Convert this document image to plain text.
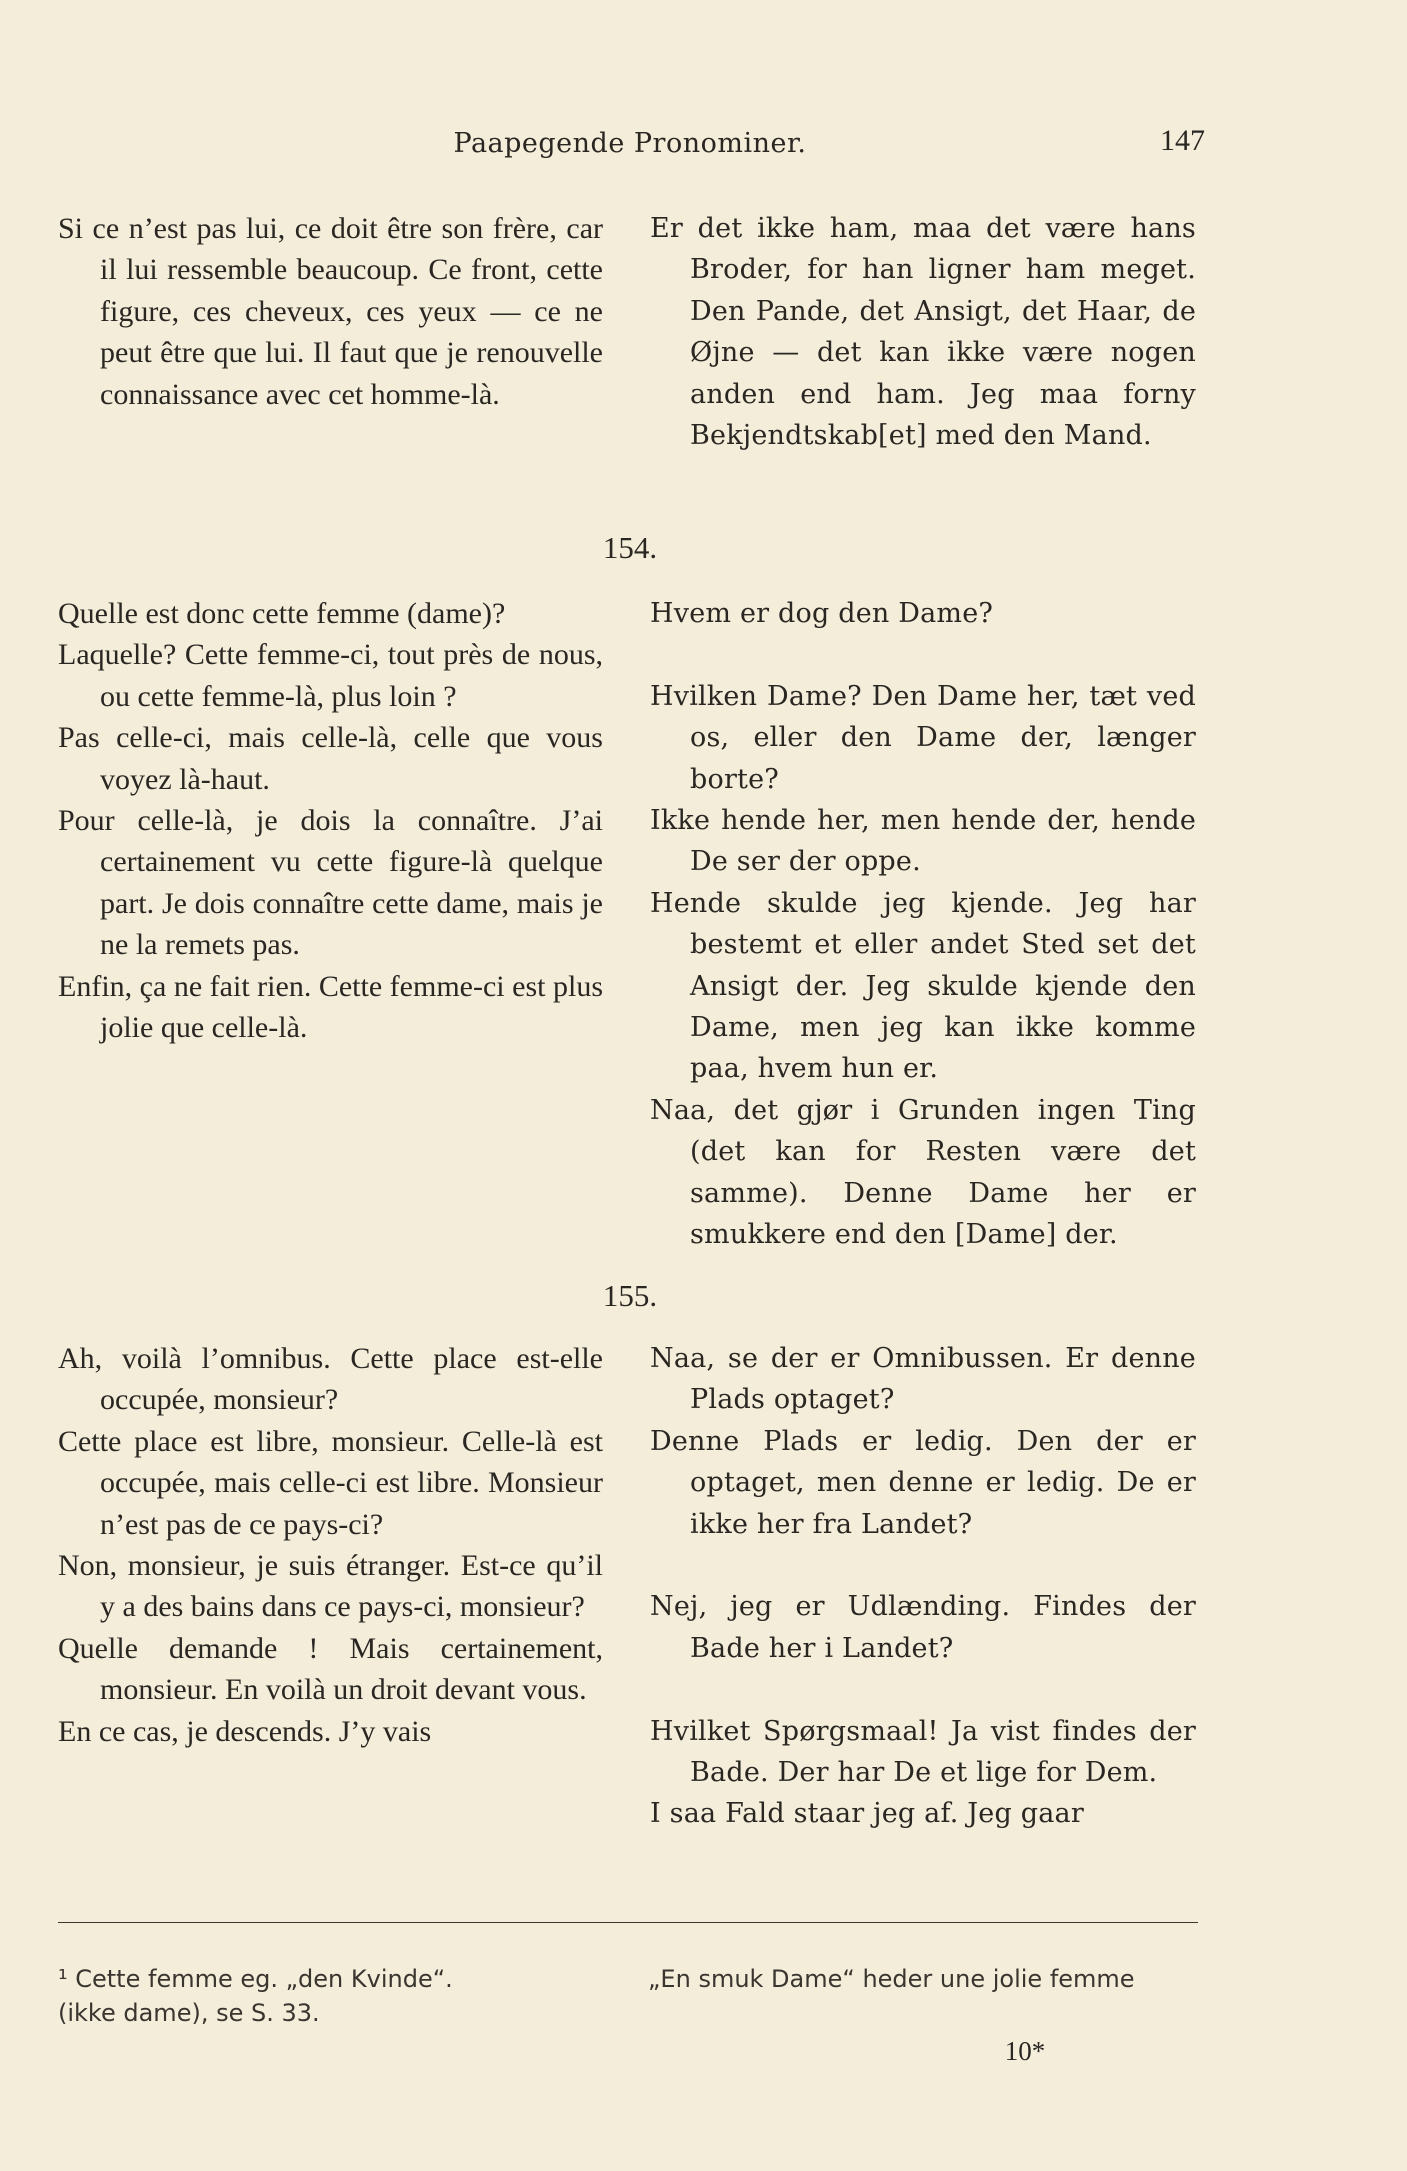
Paapegende Pronominer.	147

Si ce n’est pas lui, ce doit être son frère, car il lui ressemble beaucoup. Ce front, cette figure, ces cheveux, ces yeux — ce ne peut être que lui. Il faut que je renouvelle connaissance avec cet homme-là.

Er det ikke ham, maa det være hans Broder, for han ligner ham meget. Den Pande, det Ansigt, det Haar, de Øjne — det kan ikke være nogen anden end ham. Jeg maa forny Bekjendtskab[et] med den Mand.

154.

Quelle est donc cette femme (dame)?

Laquelle? Cette femme-ci, tout près de nous, ou cette femme-là, plus loin ?

Pas celle-ci, mais celle-là, celle que vous voyez là-haut.

Pour celle-là, je dois la connaître. J’ai certainement vu cette figure-là quelque part. Je dois connaître cette dame, mais je ne la remets pas.

Enfin, ça ne fait rien. Cette femme-ci est plus jolie que celle-là.

Hvem er dog den Dame?

Hvilken Dame? Den Dame her, tæt ved os, eller den Dame der, længer borte?

Ikke hende her, men hende der, hende De ser der oppe.

Hende skulde jeg kjende. Jeg har bestemt et eller andet Sted set det Ansigt der. Jeg skulde kjende den Dame, men jeg kan ikke komme paa, hvem hun er.

Naa, det gjør i Grunden ingen Ting (det kan for Resten være det samme). Denne Dame her er smukkere end den [Dame] der.

155.

Ah, voilà l’omnibus. Cette place est-elle occupée, monsieur?

Cette place est libre, monsieur. Celle-là est occupée, mais celle-ci est libre. Monsieur n’est pas de ce pays-ci?

Non, monsieur, je suis étranger. Est-ce qu’il y a des bains dans ce pays-ci, monsieur?

Quelle demande ! Mais certainement, monsieur. En voilà un droit devant vous.

En ce cas, je descends. J’y vais

Naa, se der er Omnibussen. Er denne Plads optaget?

Denne Plads er ledig. Den der er optaget, men denne er ledig. De er ikke her fra Landet?

Nej, jeg er Udlænding. Findes der Bade her i Landet?

Hvilket Spørgsmaal! Ja vist findes der Bade. Der har De et lige for Dem.

I saa Fald staar jeg af. Jeg gaar

¹ Cette femme eg. „den Kvinde“.	„En smuk Dame“ heder une jolie femme
(ikke dame), se S. 33.
10*
